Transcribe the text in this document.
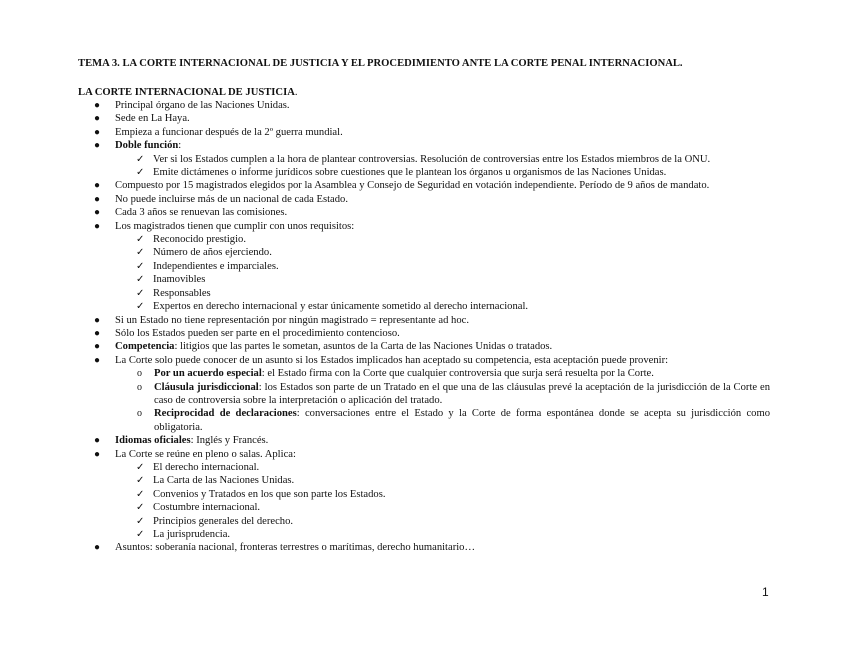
TEMA 3. LA CORTE INTERNACIONAL DE JUSTICIA Y EL PROCEDIMIENTO ANTE LA CORTE PENAL INTERNACIONAL.
LA CORTE INTERNACIONAL DE JUSTICIA.
● Principal órgano de las Naciones Unidas.
● Sede en La Haya.
● Empieza a funcionar después de la 2º guerra mundial.
● Doble función:
✓ Ver si los Estados cumplen a la hora de plantear controversias. Resolución de controversias entre los Estados miembros de la ONU.
✓ Emite dictámenes o informe jurídicos sobre cuestiones que le plantean los órganos u organismos de las Naciones Unidas.
● Compuesto por 15 magistrados elegidos por la Asamblea y Consejo de Seguridad en votación independiente. Período de 9 años de mandato.
● No puede incluirse más de un nacional de cada Estado.
● Cada 3 años se renuevan las comisiones.
● Los magistrados tienen que cumplir con unos requisitos:
✓ Reconocido prestigio.
✓ Número de años ejerciendo.
✓ Independientes e imparciales.
✓ Inamovibles
✓ Responsables
✓ Expertos en derecho internacional y estar únicamente sometido al derecho internacional.
● Si un Estado no tiene representación por ningún magistrado = representante ad hoc.
● Sólo los Estados pueden ser parte en el procedimiento contencioso.
● Competencia: litigios que las partes le sometan, asuntos de la Carta de las Naciones Unidas o tratados.
● La Corte solo puede conocer de un asunto si los Estados implicados han aceptado su competencia, esta aceptación puede provenir:
o Por un acuerdo especial: el Estado firma con la Corte que cualquier controversia que surja será resuelta por la Corte.
o Cláusula jurisdiccional: los Estados son parte de un Tratado en el que una de las cláusulas prevé la aceptación de la jurisdicción de la Corte en caso de controversia sobre la interpretación o aplicación del tratado.
o Reciprocidad de declaraciones: conversaciones entre el Estado y la Corte de forma espontánea donde se acepta su jurisdicción como obligatoria.
● Idiomas oficiales: Inglés y Francés.
● La Corte se reúne en pleno o salas. Aplica:
✓ El derecho internacional.
✓ La Carta de las Naciones Unidas.
✓ Convenios y Tratados en los que son parte los Estados.
✓ Costumbre internacional.
✓ Principios generales del derecho.
✓ La jurisprudencia.
● Asuntos: soberanía nacional, fronteras terrestres o marítimas, derecho humanitario…
1
